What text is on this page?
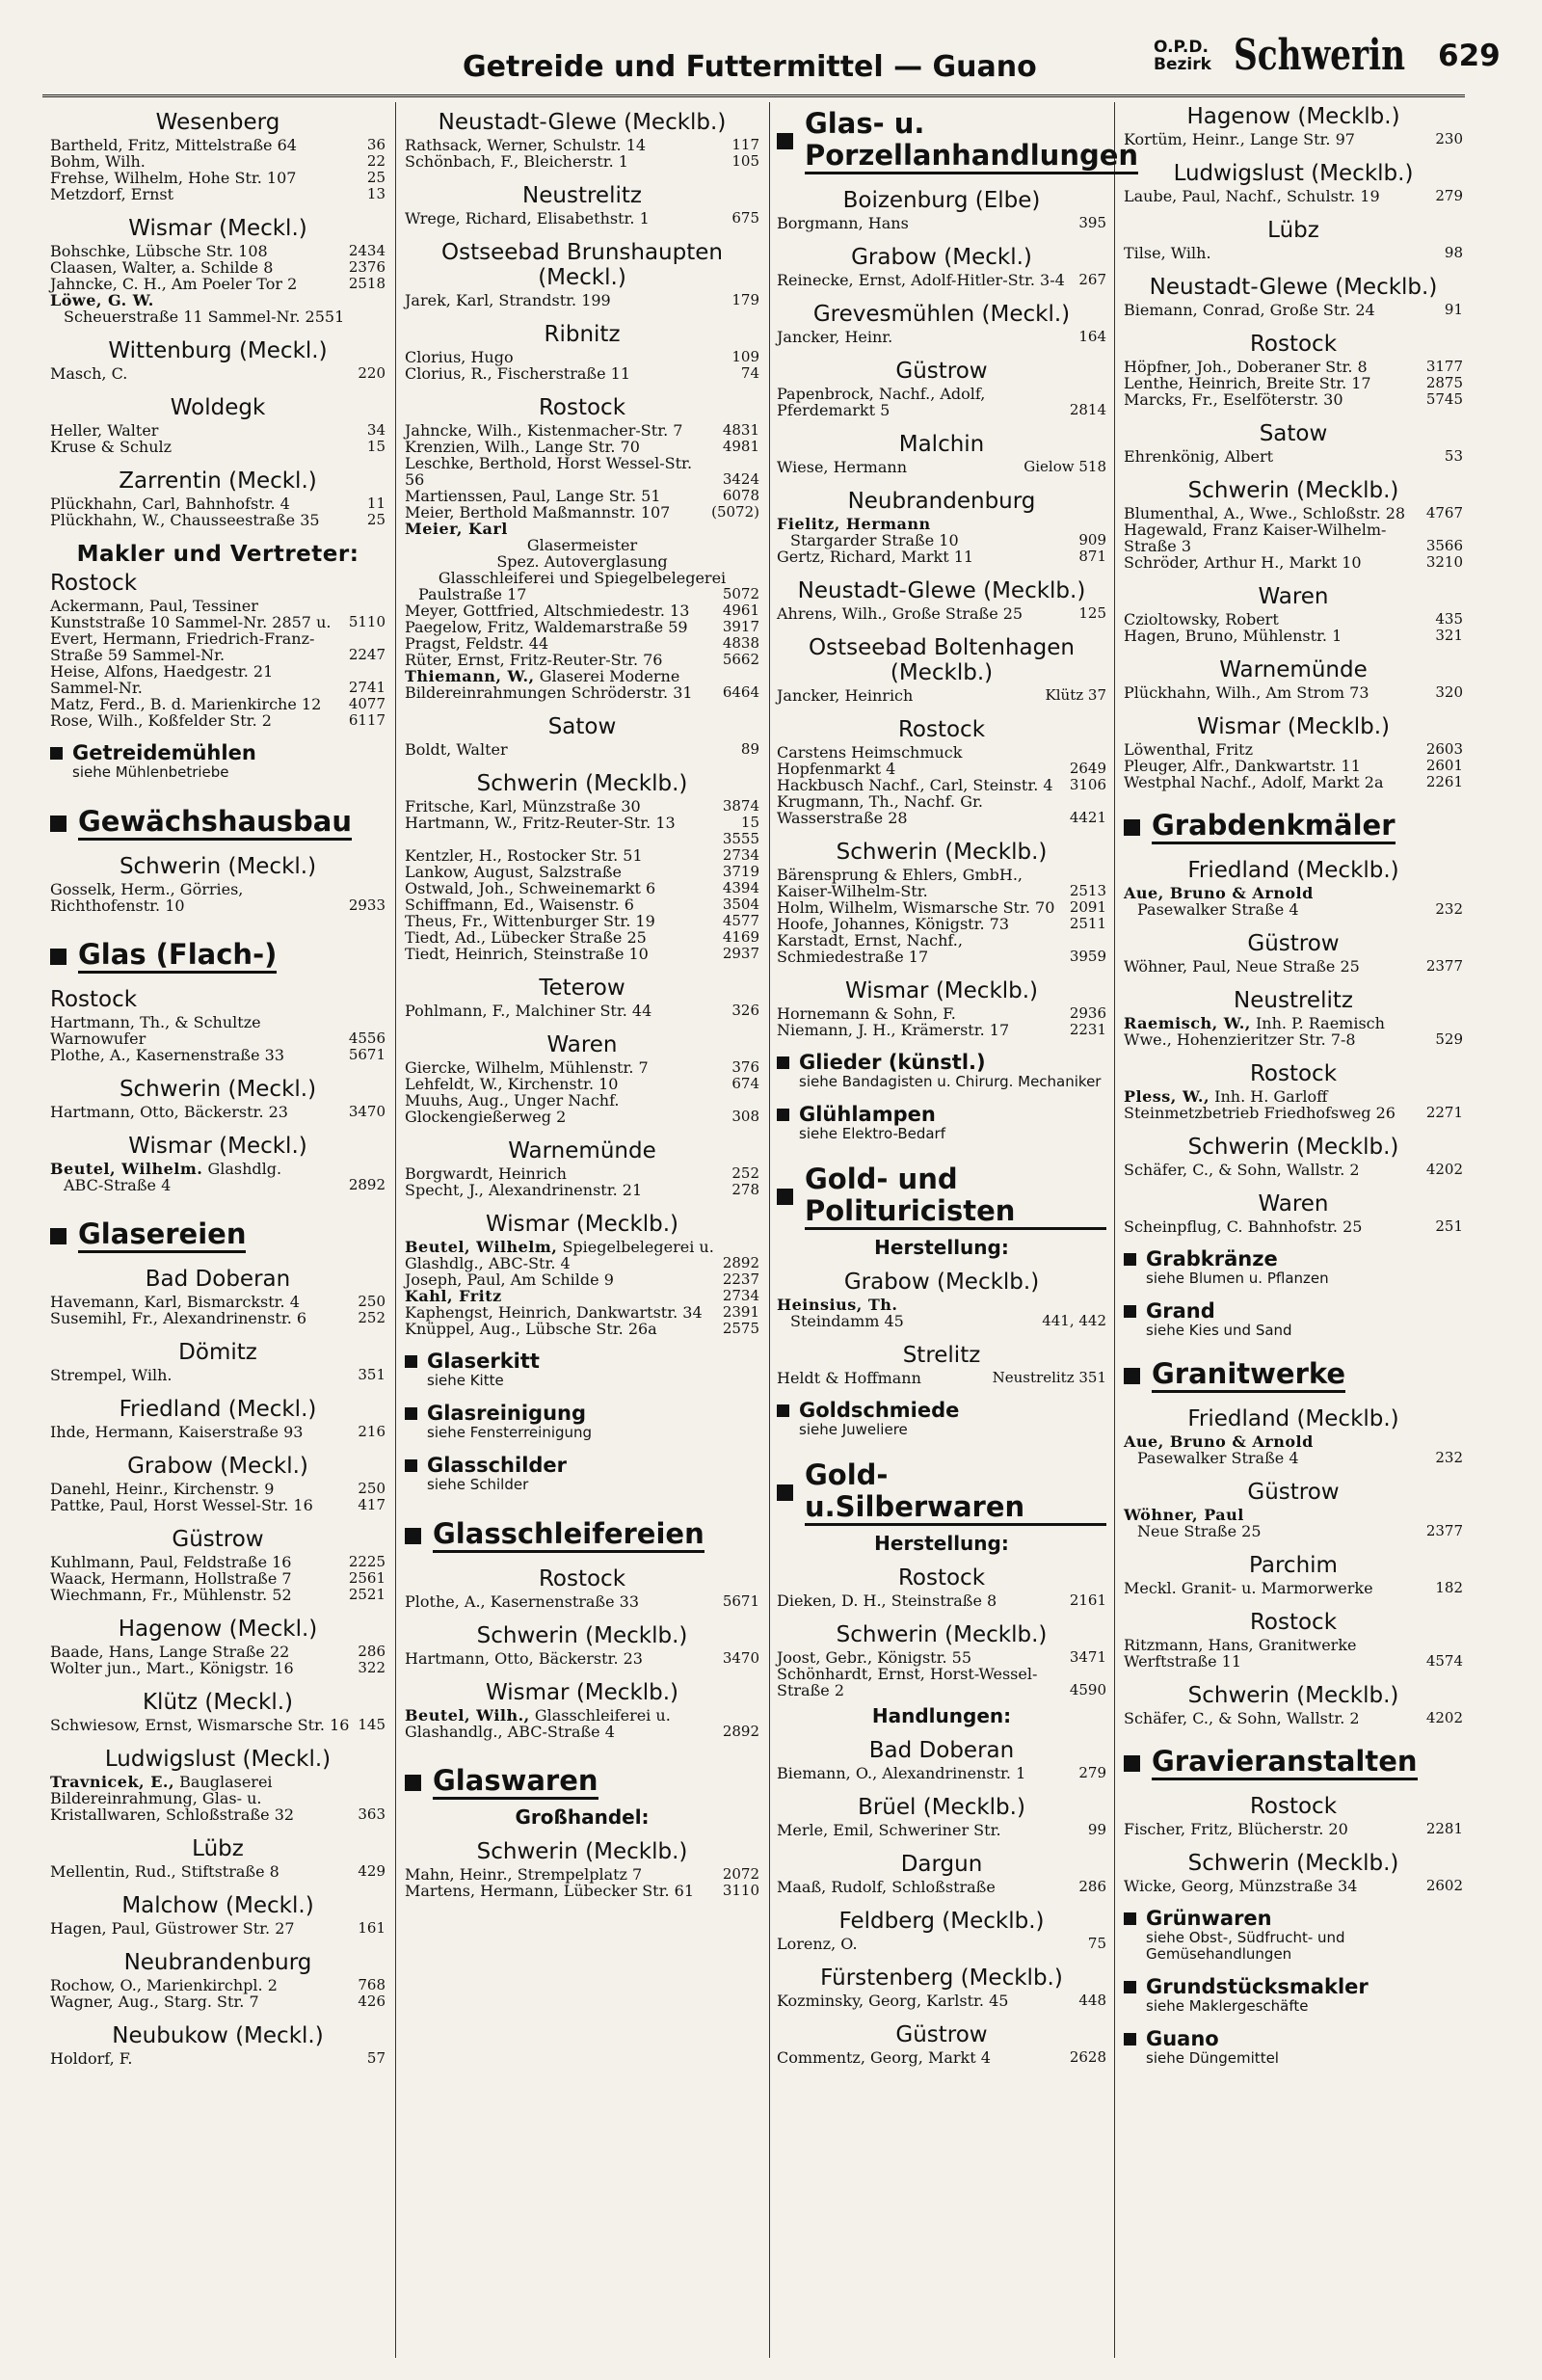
Getreide und Futtermittel — Guano
O.P.D.
Bezirk Schwerin 629
Wesenberg
Bartheld, Fritz, Mittelstraße 64	36
Bohm, Wilh.	22
Frehse, Wilhelm, Hohe Str. 107	25
Metzdorf, Ernst	13
Wismar (Meckl.)
Bohschke, Lübsche Str. 108	2434
Claasen, Walter, a. Schilde 8	2376
Jahncke, C. H., Am Poeler Tor 2	2518
Löwe, G. W.
Scheuerstraße 11 Sammel-Nr. 2551
Wittenburg (Meckl.)
Masch, C.	220
Woldegk
Heller, Walter	34
Kruse & Schulz	15
Zarrentin (Meckl.)
Plückhahn, Carl, Bahnhofstr. 4	11
Plückhahn, W., Chausseestraße 35	25
Makler und Vertreter:
Rostock
Ackermann, Paul, Tessiner Kunststraße 10 Sammel-Nr. 2857 u.	5110
Evert, Hermann, Friedrich-Franz-Straße 59 Sammel-Nr.	2247
Heise, Alfons, Haedgestr. 21 Sammel-Nr.	2741
Matz, Ferd., B. d. Marienkirche 12	4077
Rose, Wilh., Koßfelder Str. 2	6117
Getreidemühlen
siehe Mühlenbetriebe
Gewächshausbau
Schwerin (Meckl.)
Gosselk, Herm., Görries, Richthofenstr. 10	2933
Glas (Flach-)
Rostock
Hartmann, Th., & Schultze Warnowufer	4556
Plothe, A., Kasernenstraße 33	5671
Schwerin (Meckl.)
Hartmann, Otto, Bäckerstr. 23	3470
Wismar (Meckl.)
Beutel, Wilhelm. Glashdlg.
ABC-Straße 4	2892
Glasereien
Bad Doberan
Havemann, Karl, Bismarckstr. 4	250
Susemihl, Fr., Alexandrinenstr. 6	252
Dömitz
Strempel, Wilh.	351
Friedland (Meckl.)
Ihde, Hermann, Kaiserstraße 93	216
Grabow (Meckl.)
Danehl, Heinr., Kirchenstr. 9	250
Pattke, Paul, Horst Wessel-Str. 16	417
Güstrow
Kuhlmann, Paul, Feldstraße 16	2225
Waack, Hermann, Hollstraße 7	2561
Wiechmann, Fr., Mühlenstr. 52	2521
Hagenow (Meckl.)
Baade, Hans, Lange Straße 22	286
Wolter jun., Mart., Königstr. 16	322
Klütz (Meckl.)
Schwiesow, Ernst, Wismarsche Str. 16 145
Ludwigslust (Meckl.)
Travnicek, E., Bauglaserei Bildereinrahmung, Glas- u. Kristallwaren, Schloßstraße 32	363
Lübz
Mellentin, Rud., Stiftstraße 8	429
Malchow (Meckl.)
Hagen, Paul, Güstrower Str. 27	161
Neubrandenburg
Rochow, O., Marienkirchpl. 2	768
Wagner, Aug., Starg. Str. 7	426
Neubukow (Meckl.)
Holdorf, F.	57
Neustadt-Glewe (Mecklb.)
Rathsack, Werner, Schulstr. 14	117
Schönbach, F., Bleicherstr. 1	105
Neustrelitz
Wrege, Richard, Elisabethstr. 1	675
Ostseebad Brunshaupten (Meckl.)
Jarek, Karl, Strandstr. 199	179
Ribnitz
Clorius, Hugo	109
Clorius, R., Fischerstraße 11	74
Rostock
Jahncke, Wilh., Kistenmacher-Str. 7	4831
Krenzien, Wilh., Lange Str. 70	4981
Leschke, Berthold, Horst Wessel-Str. 56	3424
Martienssen, Paul, Lange Str. 51	6078
Meier, Berthold Maßmannstr. 107	(5072)
Meier, Karl
Glasermeister
Spez. Autoverglasung
Glasschleiferei und Spiegelbelegerei
Paulstraße 17	5072
Meyer, Gottfried, Altschmiedestr. 13	4961
Paegelow, Fritz, Waldemarstraße 59	3917
Pragst, Feldstr. 44	4838
Rüter, Ernst, Fritz-Reuter-Str. 76	5662
Thiemann, W., Glaserei Moderne Bildereinrahmungen Schröderstr. 31	6464
Satow
Boldt, Walter	89
Schwerin (Mecklb.)
Fritsche, Karl, Münzstraße 30	3874
Hartmann, W., Fritz-Reuter-Str. 13	15
3555
Kentzler, H., Rostocker Str. 51	2734
Lankow, August, Salzstraße	3719
Ostwald, Joh., Schweinemarkt 6	4394
Schiffmann, Ed., Waisenstr. 6	3504
Theus, Fr., Wittenburger Str. 19	4577
Tiedt, Ad., Lübecker Straße 25	4169
Tiedt, Heinrich, Steinstraße 10	2937
Teterow
Pohlmann, F., Malchiner Str. 44	326
Waren
Giercke, Wilhelm, Mühlenstr. 7	376
Lehfeldt, W., Kirchenstr. 10	674
Muuhs, Aug., Unger Nachf. Glockengießerweg 2	308
Warnemünde
Borgwardt, Heinrich	252
Specht, J., Alexandrinenstr. 21	278
Wismar (Mecklb.)
Beutel, Wilhelm, Spiegelbelegerei u. Glashdlg., ABC-Str. 4	2892
Joseph, Paul, Am Schilde 9	2237
Kahl, Fritz	2734
Kaphengst, Heinrich, Dankwartstr. 34	2391
Knüppel, Aug., Lübsche Str. 26a	2575
Glaserkitt
siehe Kitte
Glasreinigung
siehe Fensterreinigung
Glasschilder
siehe Schilder
Glasschleifereien
Rostock
Plothe, A., Kasernenstraße 33	5671
Schwerin (Mecklb.)
Hartmann, Otto, Bäckerstr. 23	3470
Wismar (Mecklb.)
Beutel, Wilh., Glasschleiferei u. Glashandlg., ABC-Straße 4	2892
Glaswaren
Großhandel:
Schwerin (Mecklb.)
Mahn, Heinr., Strempelplatz 7	2072
Martens, Hermann, Lübecker Str. 61	3110
Glas- u. Porzellanhandlungen
Boizenburg (Elbe)
Borgmann, Hans	395
Grabow (Meckl.)
Reinecke, Ernst, Adolf-Hitler-Str. 3-4 267
Grevesmühlen (Meckl.)
Jancker, Heinr.	164
Güstrow
Papenbrock, Nachf., Adolf, Pferdemarkt 5	2814
Malchin
Wiese, Hermann	Gielow 518
Neubrandenburg
Fielitz, Hermann
Stargarder Straße 10	909
Gertz, Richard, Markt 11	871
Neustadt-Glewe (Mecklb.)
Ahrens, Wilh., Große Straße 25	125
Ostseebad Boltenhagen (Mecklb.)
Jancker, Heinrich	Klütz 37
Rostock
Carstens Heimschmuck Hopfenmarkt 4	2649
Hackbusch Nachf., Carl, Steinstr. 4	3106
Krugmann, Th., Nachf. Gr. Wasserstraße 28	4421
Schwerin (Mecklb.)
Bärensprung & Ehlers, GmbH., Kaiser-Wilhelm-Str.	2513
Holm, Wilhelm, Wismarsche Str. 70	2091
Hoofe, Johannes, Königstr. 73	2511
Karstadt, Ernst, Nachf., Schmiedestraße 17	3959
Wismar (Mecklb.)
Hornemann & Sohn, F.	2936
Niemann, J. H., Krämerstr. 17	2231
Glieder (künstl.)
siehe Bandagisten u. Chirurg. Mechaniker
Glühlampen
siehe Elektro-Bedarf
Gold- und Polituricisten
Herstellung:
Grabow (Mecklb.)
Heinsius, Th.
Steindamm 45	441, 442
Strelitz
Heldt & Hoffmann	Neustrelitz 351
Goldschmiede
siehe Juweliere
Gold-u.Silberwaren
Herstellung:
Rostock
Dieken, D. H., Steinstraße 8	2161
Schwerin (Mecklb.)
Joost, Gebr., Königstr. 55	3471
Schönhardt, Ernst, Horst-Wessel-Straße 2	4590
Handlungen:
Bad Doberan
Biemann, O., Alexandrinenstr. 1	279
Brüel (Mecklb.)
Merle, Emil, Schweriner Str.	99
Dargun
Maaß, Rudolf, Schloßstraße	286
Feldberg (Mecklb.)
Lorenz, O.	75
Fürstenberg (Mecklb.)
Kozminsky, Georg, Karlstr. 45	448
Güstrow
Commentz, Georg, Markt 4	2628
Hagenow (Mecklb.)
Kortüm, Heinr., Lange Str. 97	230
Ludwigslust (Mecklb.)
Laube, Paul, Nachf., Schulstr. 19	279
Lübz
Tilse, Wilh.	98
Neustadt-Glewe (Mecklb.)
Biemann, Conrad, Große Str. 24	91
Rostock
Höpfner, Joh., Doberaner Str. 8	3177
Lenthe, Heinrich, Breite Str. 17	2875
Marcks, Fr., Eselföterstr. 30	5745
Satow
Ehrenkönig, Albert	53
Schwerin (Mecklb.)
Blumenthal, A., Wwe., Schloßstr. 28	4767
Hagewald, Franz Kaiser-Wilhelm-Straße 3	3566
Schröder, Arthur H., Markt 10	3210
Waren
Czioltowsky, Robert	435
Hagen, Bruno, Mühlenstr. 1	321
Warnemünde
Plückhahn, Wilh., Am Strom 73	320
Wismar (Mecklb.)
Löwenthal, Fritz	2603
Pleuger, Alfr., Dankwartstr. 11	2601
Westphal Nachf., Adolf, Markt 2a	2261
Grabdenkmäler
Friedland (Mecklb.)
Aue, Bruno & Arnold
Pasewalker Straße 4	232
Güstrow
Wöhner, Paul, Neue Straße 25	2377
Neustrelitz
Raemisch, W., Inh. P. Raemisch Wwe., Hohenzieritzer Str. 7-8	529
Rostock
Pless, W., Inh. H. Garloff Steinmetzbetrieb Friedhofsweg 26	2271
Schwerin (Mecklb.)
Schäfer, C., & Sohn, Wallstr. 2	4202
Waren
Scheinpflug, C. Bahnhofstr. 25	251
Grabkränze
siehe Blumen u. Pflanzen
Grand
siehe Kies und Sand
Granitwerke
Friedland (Mecklb.)
Aue, Bruno & Arnold
Pasewalker Straße 4	232
Güstrow
Wöhner, Paul
Neue Straße 25	2377
Parchim
Meckl. Granit- u. Marmorwerke	182
Rostock
Ritzmann, Hans, Granitwerke Werftstraße 11	4574
Schwerin (Mecklb.)
Schäfer, C., & Sohn, Wallstr. 2	4202
Gravieranstalten
Rostock
Fischer, Fritz, Blücherstr. 20	2281
Schwerin (Mecklb.)
Wicke, Georg, Münzstraße 34	2602
Grünwaren
siehe Obst-, Südfrucht- und Gemüsehandlungen
Grundstücksmakler
siehe Maklergeschäfte
Guano
siehe Düngemittel
